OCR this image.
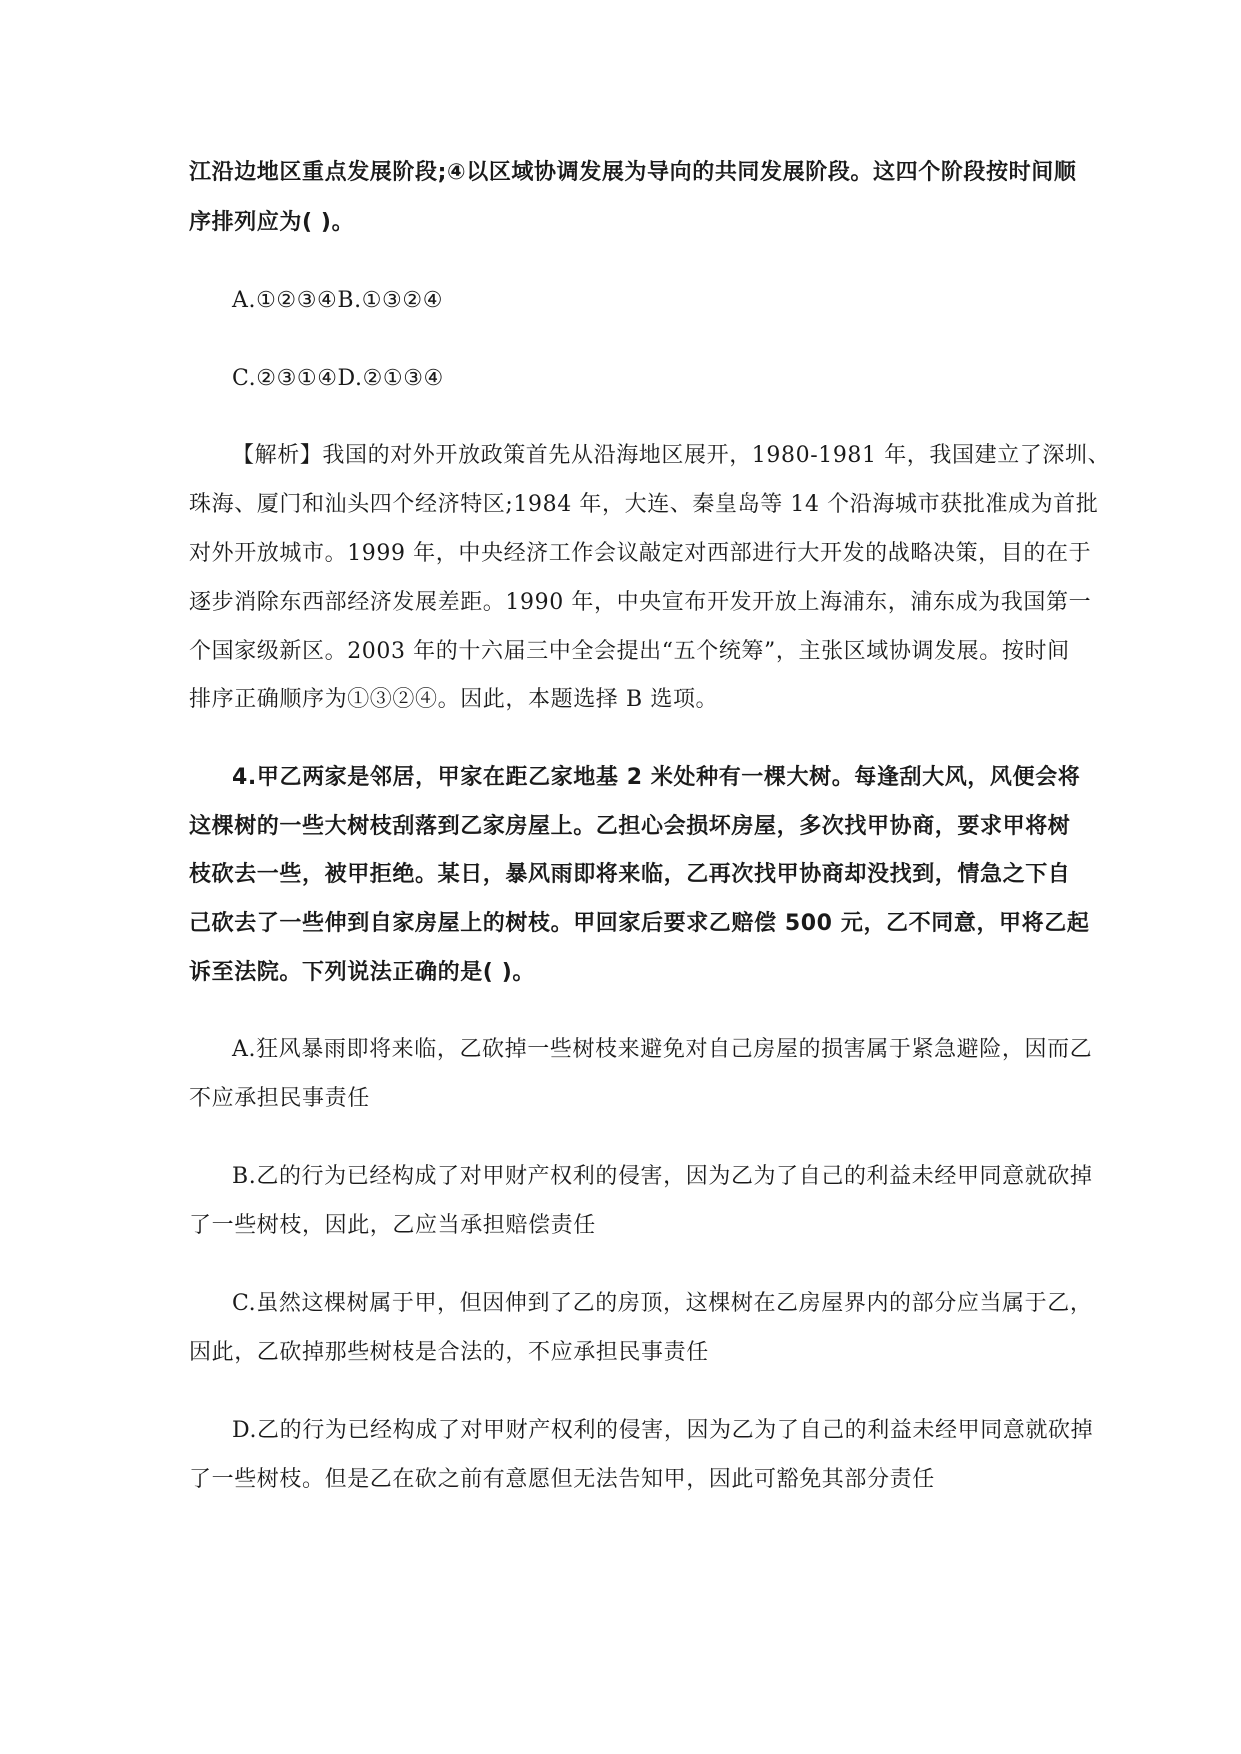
江沿边地区重点发展阶段;④以区域协调发展为导向的共同发展阶段。这四个阶段按时间顺
序排列应为( )。
A.①②③④B.①③②④
C.②③①④D.②①③④
【解析】我国的对外开放政策首先从沿海地区展开，1980-1981 年，我国建立了深圳、
珠海、厦门和汕头四个经济特区;1984 年，大连、秦皇岛等 14 个沿海城市获批准成为首批
对外开放城市。1999 年，中央经济工作会议敲定对西部进行大开发的战略决策，目的在于
逐步消除东西部经济发展差距。1990 年，中央宣布开发开放上海浦东，浦东成为我国第一
个国家级新区。2003 年的十六届三中全会提出“五个统筹”，主张区域协调发展。按时间
排序正确顺序为①③②④。因此，本题选择 B 选项。
4.甲乙两家是邻居，甲家在距乙家地基 2 米处种有一棵大树。每逢刮大风，风便会将
这棵树的一些大树枝刮落到乙家房屋上。乙担心会损坏房屋，多次找甲协商，要求甲将树
枝砍去一些，被甲拒绝。某日，暴风雨即将来临，乙再次找甲协商却没找到，情急之下自
己砍去了一些伸到自家房屋上的树枝。甲回家后要求乙赔偿 500 元，乙不同意，甲将乙起
诉至法院。下列说法正确的是( )。
A.狂风暴雨即将来临，乙砍掉一些树枝来避免对自己房屋的损害属于紧急避险，因而乙
不应承担民事责任
B.乙的行为已经构成了对甲财产权利的侵害，因为乙为了自己的利益未经甲同意就砍掉
了一些树枝，因此，乙应当承担赔偿责任
C.虽然这棵树属于甲，但因伸到了乙的房顶，这棵树在乙房屋界内的部分应当属于乙，
因此，乙砍掉那些树枝是合法的，不应承担民事责任
D.乙的行为已经构成了对甲财产权利的侵害，因为乙为了自己的利益未经甲同意就砍掉
了一些树枝。但是乙在砍之前有意愿但无法告知甲，因此可豁免其部分责任
